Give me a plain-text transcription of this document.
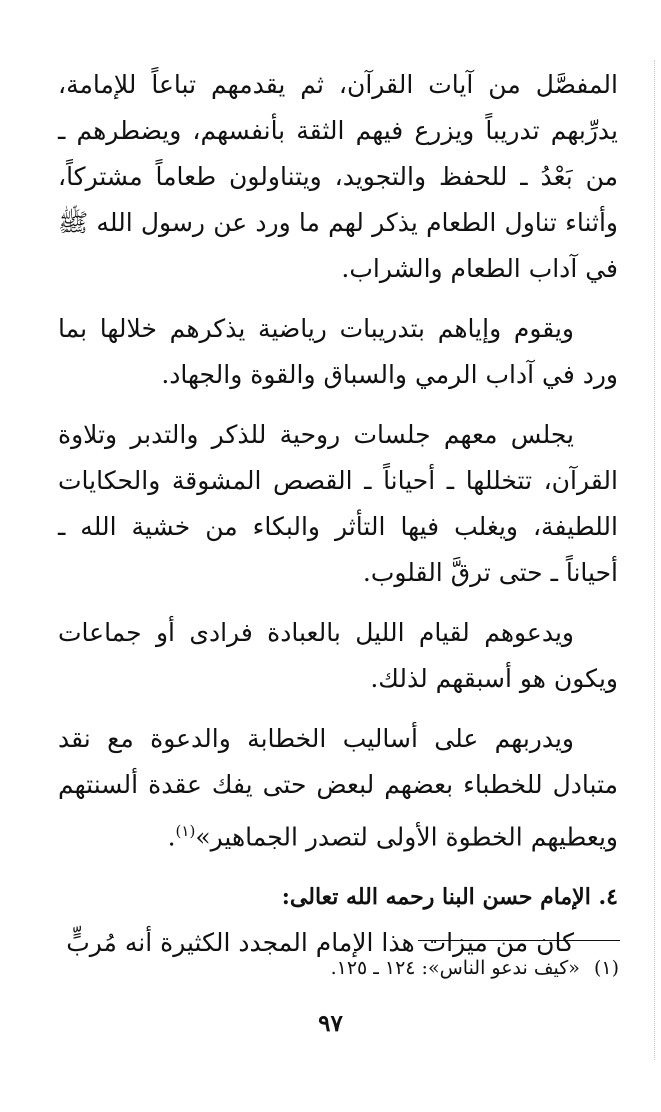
المفصَّل من آيات القرآن، ثم يقدمهم تباعاً للإمامة، يدرِّبهم تدريباً ويزرع فيهم الثقة بأنفسهم، ويضطرهم ـ من بَعْدُ ـ للحفظ والتجويد، ويتناولون طعاماً مشتركاً، وأثناء تناول الطعام يذكر لهم ما ورد عن رسول الله ﷺ في آداب الطعام والشراب.

ويقوم وإياهم بتدريبات رياضية يذكرهم خلالها بما ورد في آداب الرمي والسباق والقوة والجهاد.

يجلس معهم جلسات روحية للذكر والتدبر وتلاوة القرآن، تتخللها ـ أحياناً ـ القصص المشوقة والحكايات اللطيفة، ويغلب فيها التأثر والبكاء من خشية الله ـ أحياناً ـ حتى ترقَّ القلوب.

ويدعوهم لقيام الليل بالعبادة فرادى أو جماعات ويكون هو أسبقهم لذلك.

ويدربهم على أساليب الخطابة والدعوة مع نقد متبادل للخطباء بعضهم لبعض حتى يفك عقدة ألسنتهم ويعطيهم الخطوة الأولى لتصدر الجماهير»$^{(١)}$.

٤. الإمام حسن البنا رحمه الله تعالى:

كان من ميزات هذا الإمام المجدد الكثيرة أنه مُربٍّ

(١)«كيف ندعو الناس»: ١٢٤ ـ ١٢٥.
٩٧
